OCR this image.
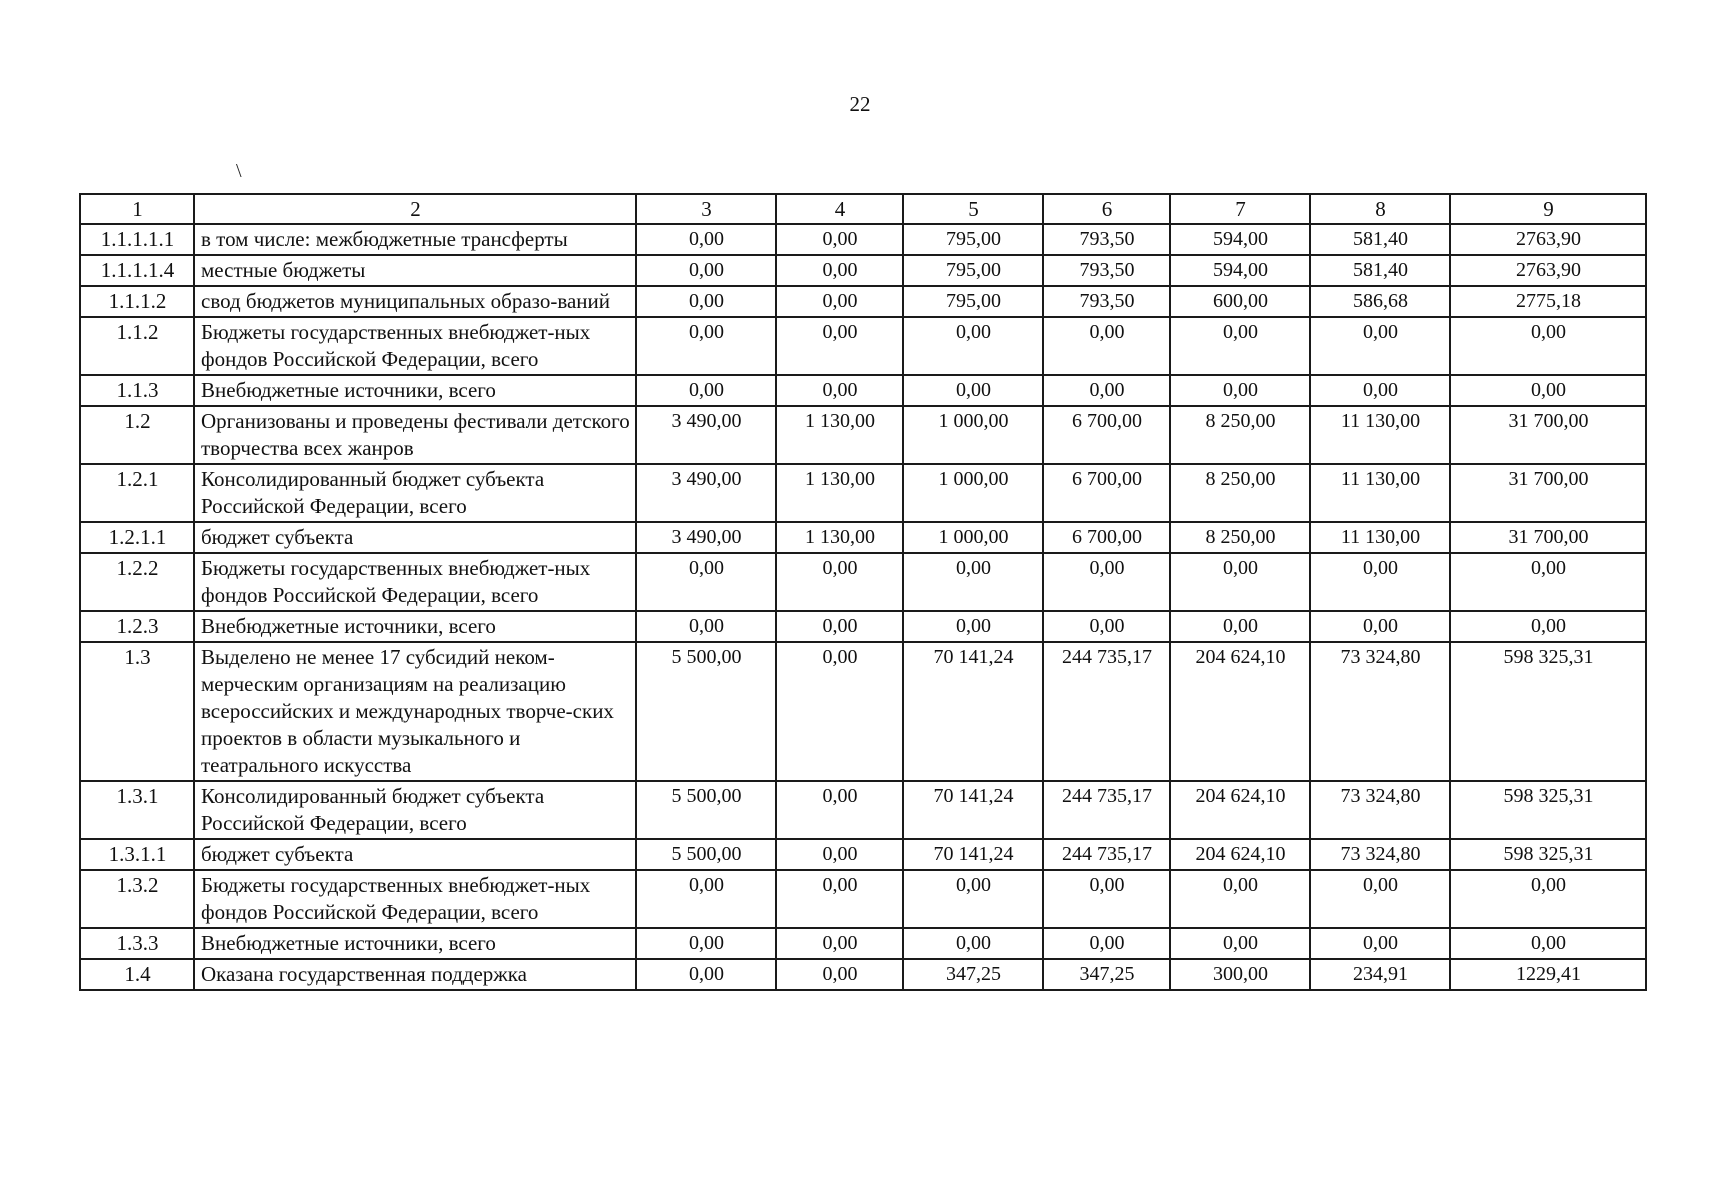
22
\
1	2	3	4	5	6	7	8	9
1.1.1.1.1	в том числе: межбюджетные трансферты	0,00	0,00	795,00	793,50	594,00	581,40	2763,90
1.1.1.1.4	местные бюджеты	0,00	0,00	795,00	793,50	594,00	581,40	2763,90
1.1.1.2	свод бюджетов муниципальных образо-ваний	0,00	0,00	795,00	793,50	600,00	586,68	2775,18
1.1.2	Бюджеты государственных внебюджет-ных фондов Российской Федерации, всего	0,00	0,00	0,00	0,00	0,00	0,00	0,00
1.1.3	Внебюджетные источники, всего	0,00	0,00	0,00	0,00	0,00	0,00	0,00
1.2	Организованы и проведены фестивали детского творчества всех жанров	3 490,00	1 130,00	1 000,00	6 700,00	8 250,00	11 130,00	31 700,00
1.2.1	Консолидированный бюджет субъекта Российской Федерации, всего	3 490,00	1 130,00	1 000,00	6 700,00	8 250,00	11 130,00	31 700,00
1.2.1.1	бюджет субъекта	3 490,00	1 130,00	1 000,00	6 700,00	8 250,00	11 130,00	31 700,00
1.2.2	Бюджеты государственных внебюджет-ных фондов Российской Федерации, всего	0,00	0,00	0,00	0,00	0,00	0,00	0,00
1.2.3	Внебюджетные источники, всего	0,00	0,00	0,00	0,00	0,00	0,00	0,00
1.3	Выделено не менее 17 субсидий неком-мерческим организациям на реализацию всероссийских и международных творче-ских проектов в области музыкального и театрального искусства	5 500,00	0,00	70 141,24	244 735,17	204 624,10	73 324,80	598 325,31
1.3.1	Консолидированный бюджет субъекта Российской Федерации, всего	5 500,00	0,00	70 141,24	244 735,17	204 624,10	73 324,80	598 325,31
1.3.1.1	бюджет субъекта	5 500,00	0,00	70 141,24	244 735,17	204 624,10	73 324,80	598 325,31
1.3.2	Бюджеты государственных внебюджет-ных фондов Российской Федерации, всего	0,00	0,00	0,00	0,00	0,00	0,00	0,00
1.3.3	Внебюджетные источники, всего	0,00	0,00	0,00	0,00	0,00	0,00	0,00
1.4	Оказана государственная поддержка	0,00	0,00	347,25	347,25	300,00	234,91	1229,41
